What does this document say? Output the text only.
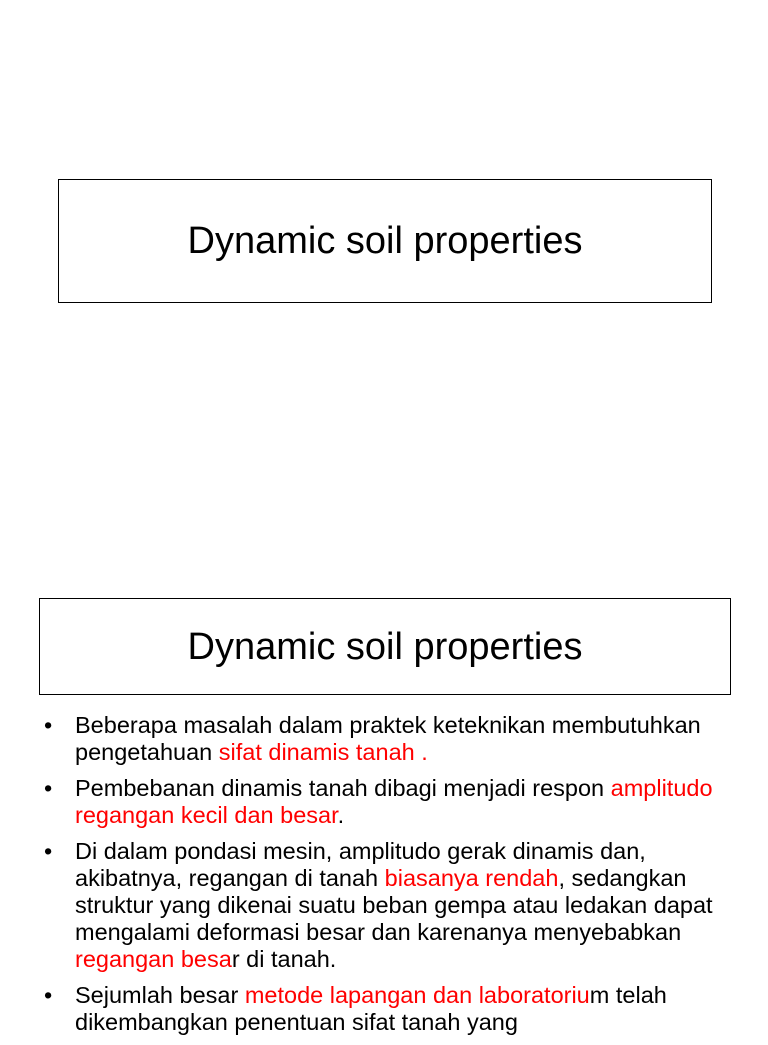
Dynamic soil properties
Dynamic soil properties
• Beberapa masalah dalam praktek keteknikan membutuhkan pengetahuan sifat dinamis tanah .
• Pembebanan dinamis tanah dibagi menjadi respon amplitudo regangan kecil dan besar.
• Di dalam pondasi mesin, amplitudo gerak dinamis dan, akibatnya, regangan di tanah biasanya rendah, sedangkan struktur yang dikenai suatu beban gempa atau ledakan dapat mengalami deformasi besar dan karenanya menyebabkan regangan besar di tanah.
• Sejumlah besar metode lapangan dan laboratorium telah dikembangkan penentuan sifat tanah yang
